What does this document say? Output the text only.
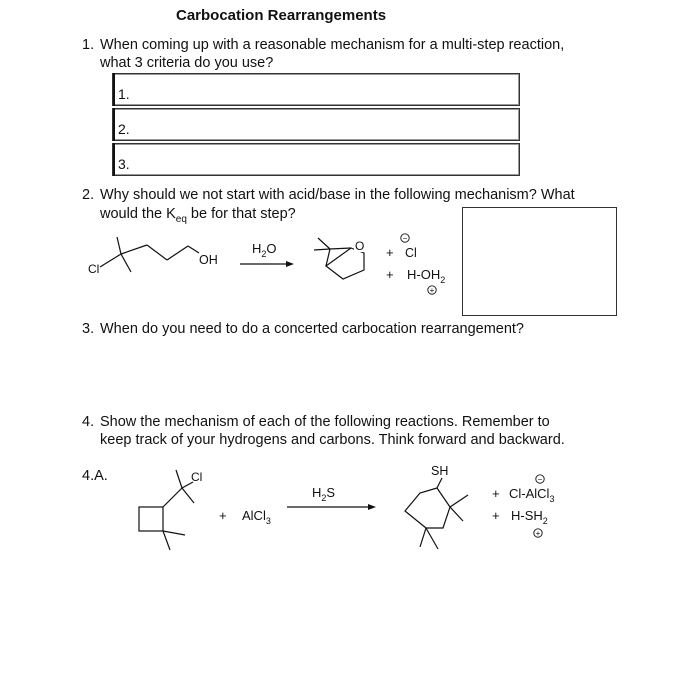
Carbocation Rearrangements
1. When coming up with a reasonable mechanism for a multi-step reaction,
what 3 criteria do you use?
1.
2.
3.
2. Why should we not start with acid/base in the following mechanism? What
would the $K_{eq}$ be for that step?
Cl
OH
$H_2O$	O + Cl
−
+ $H-OH_2$
+
Cl
+ AlCl$_3$
$H_2S$
SH
+ Cl-AlCl$_3$
−
+ $H-SH_2$
+
3. When do you need to do a concerted carbocation rearrangement?
4. Show the mechanism of each of the following reactions. Remember to
keep track of your hydrogens and carbons. Think forward and backward.
4.A.
